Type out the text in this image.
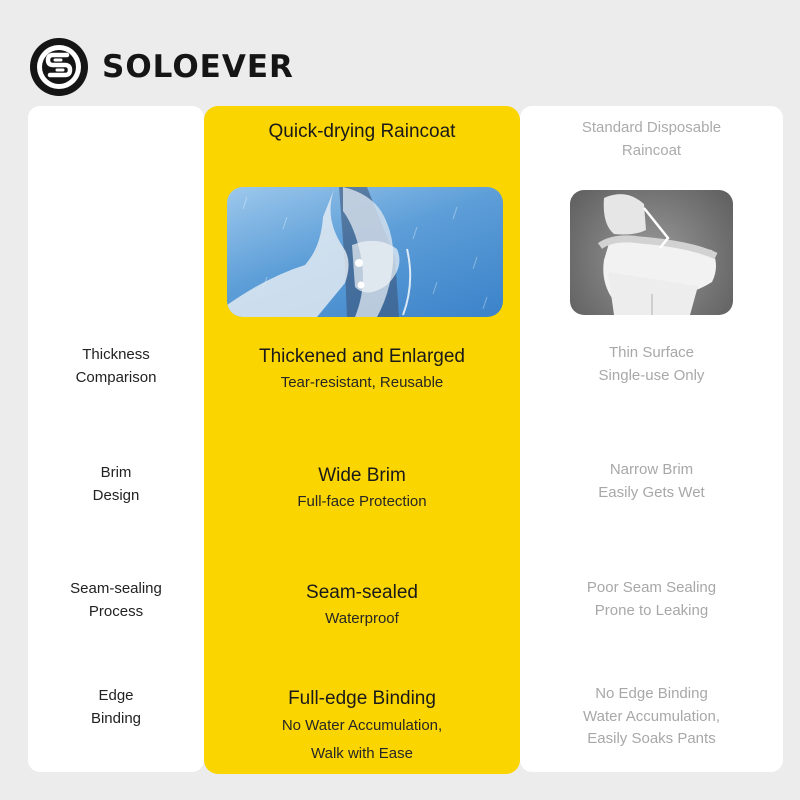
SOLOEVER
Thickness
Comparison
Brim
Design
Seam-sealing
Process
Edge
Binding
Quick-drying Raincoat
Thickened and Enlarged
Tear-resistant, Reusable
Wide Brim
Full-face Protection
Seam-sealed
Waterproof
Full-edge Binding
No Water Accumulation,
Walk with Ease
Standard Disposable
Raincoat
Thin Surface
Single-use Only
Narrow Brim
Easily Gets Wet
Poor Seam Sealing
Prone to Leaking
No Edge Binding
Water Accumulation,
Easily Soaks Pants
